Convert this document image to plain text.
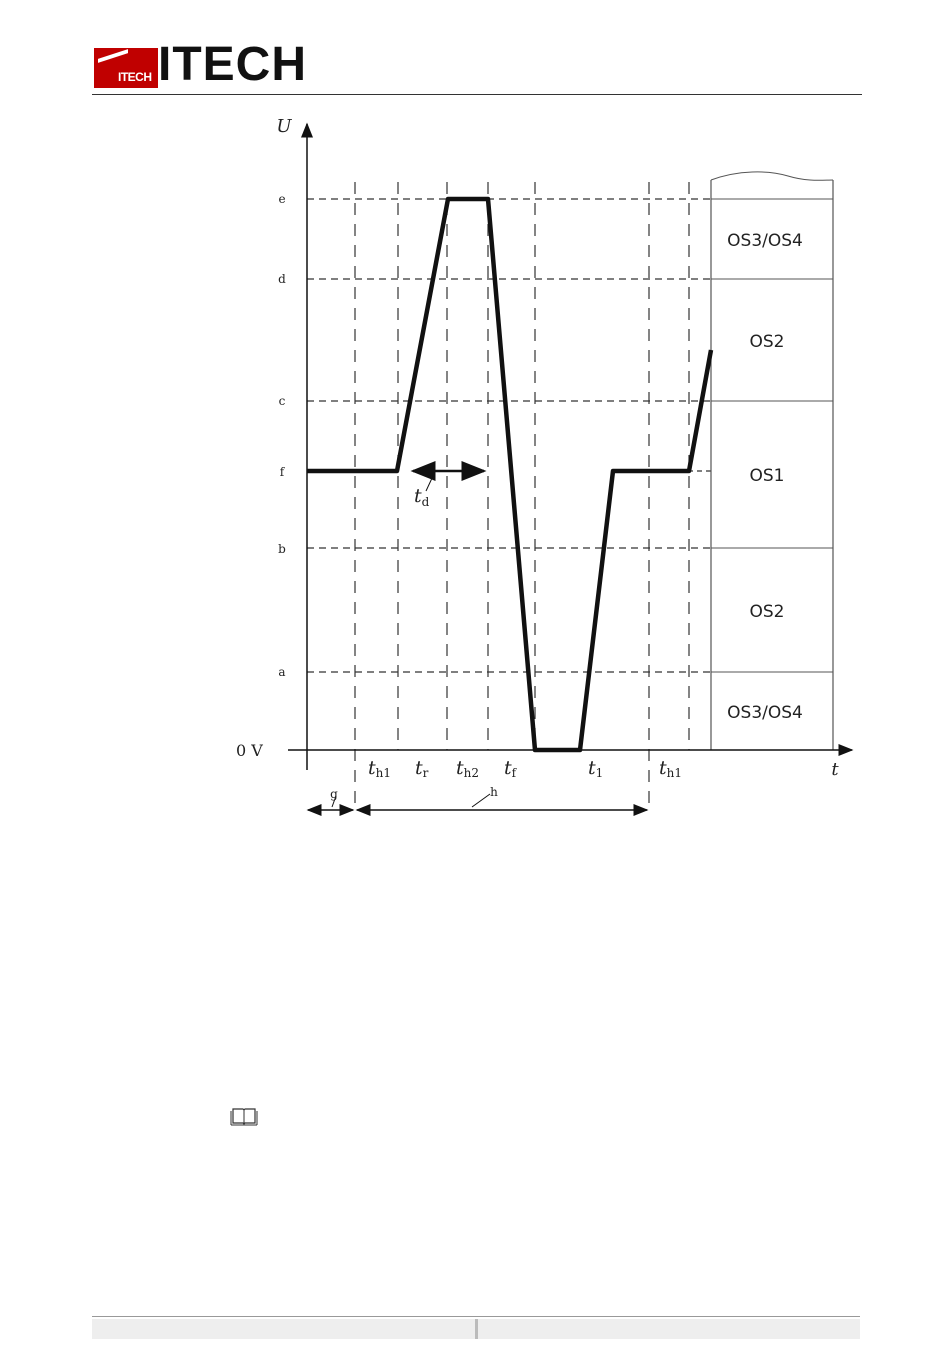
ITECH ITECH
OS3/OS4
OS2
OS1
OS2
OS3/OS4
$t_d$
e
d
c
f
b
a
U
t
0 V
th1 tr th2 tf	t1	th1
g	h
